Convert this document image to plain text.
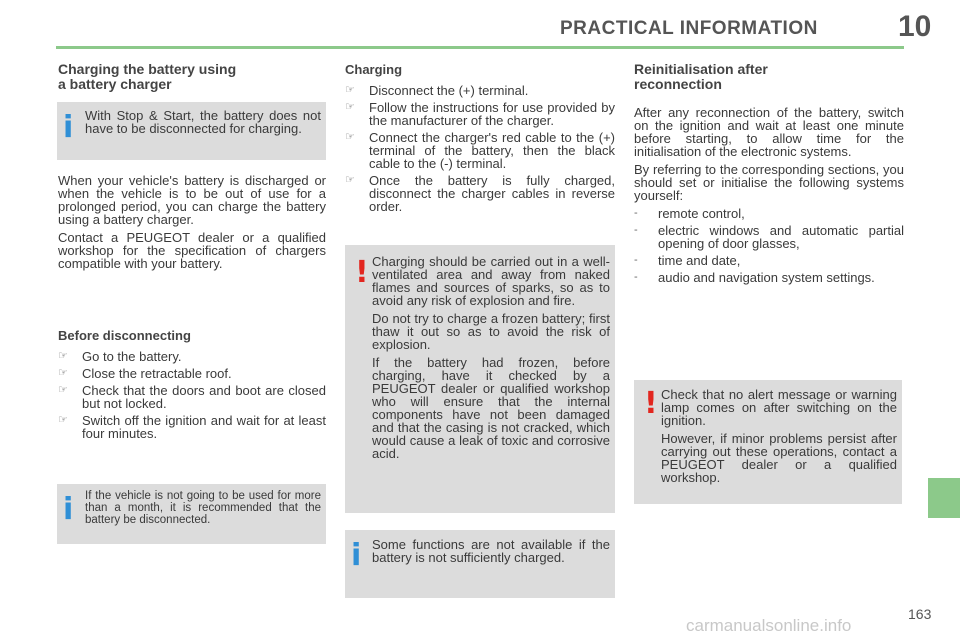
PRACTICAL INFORMATION	10
Charging the battery using
a battery charger
i With Stop & Start, the battery does not have to be disconnected for charging.

When your vehicle's battery is discharged or when the vehicle is to be out of use for a prolonged period, you can charge the battery using a battery charger.

Contact a PEUGEOT dealer or a qualified workshop for the specification of chargers compatible with your battery.

Before disconnecting
☞ Go to the battery.
☞ Close the retractable roof.
☞ Check that the doors and boot are closed but not locked.
☞ Switch off the ignition and wait for at least four minutes.
i If the vehicle is not going to be used for more than a month, it is recommended that the battery be disconnected.

Charging
☞ Disconnect the (+) terminal.
☞ Follow the instructions for use provided by the manufacturer of the charger.
☞ Connect the charger's red cable to the (+) terminal of the battery, then the black cable to the (-) terminal.
☞ Once the battery is fully charged, disconnect the charger cables in reverse order.
! Charging should be carried out in a well-ventilated area and away from naked flames and sources of sparks, so as to avoid any risk of explosion and fire.

Do not try to charge a frozen battery; first thaw it out so as to avoid the risk of explosion.

If the battery had frozen, before charging, have it checked by a PEUGEOT dealer or qualified workshop who will ensure that the internal components have not been damaged and that the casing is not cracked, which would cause a leak of toxic and corrosive acid.

i Some functions are not available if the battery is not sufficiently charged.

Reinitialisation after
reconnection

After any reconnection of the battery, switch on the ignition and wait at least one minute before starting, to allow time for the initialisation of the electronic systems.

By referring to the corresponding sections, you should set or initialise the following systems yourself:

- remote control,
- electric windows and automatic partial opening of door glasses,
- time and date,
- audio and navigation system settings.
! Check that no alert message or warning lamp comes on after switching on the ignition.

However, if minor problems persist after carrying out these operations, contact a PEUGEOT dealer or a qualified workshop.

163
carmanualsonline.info
